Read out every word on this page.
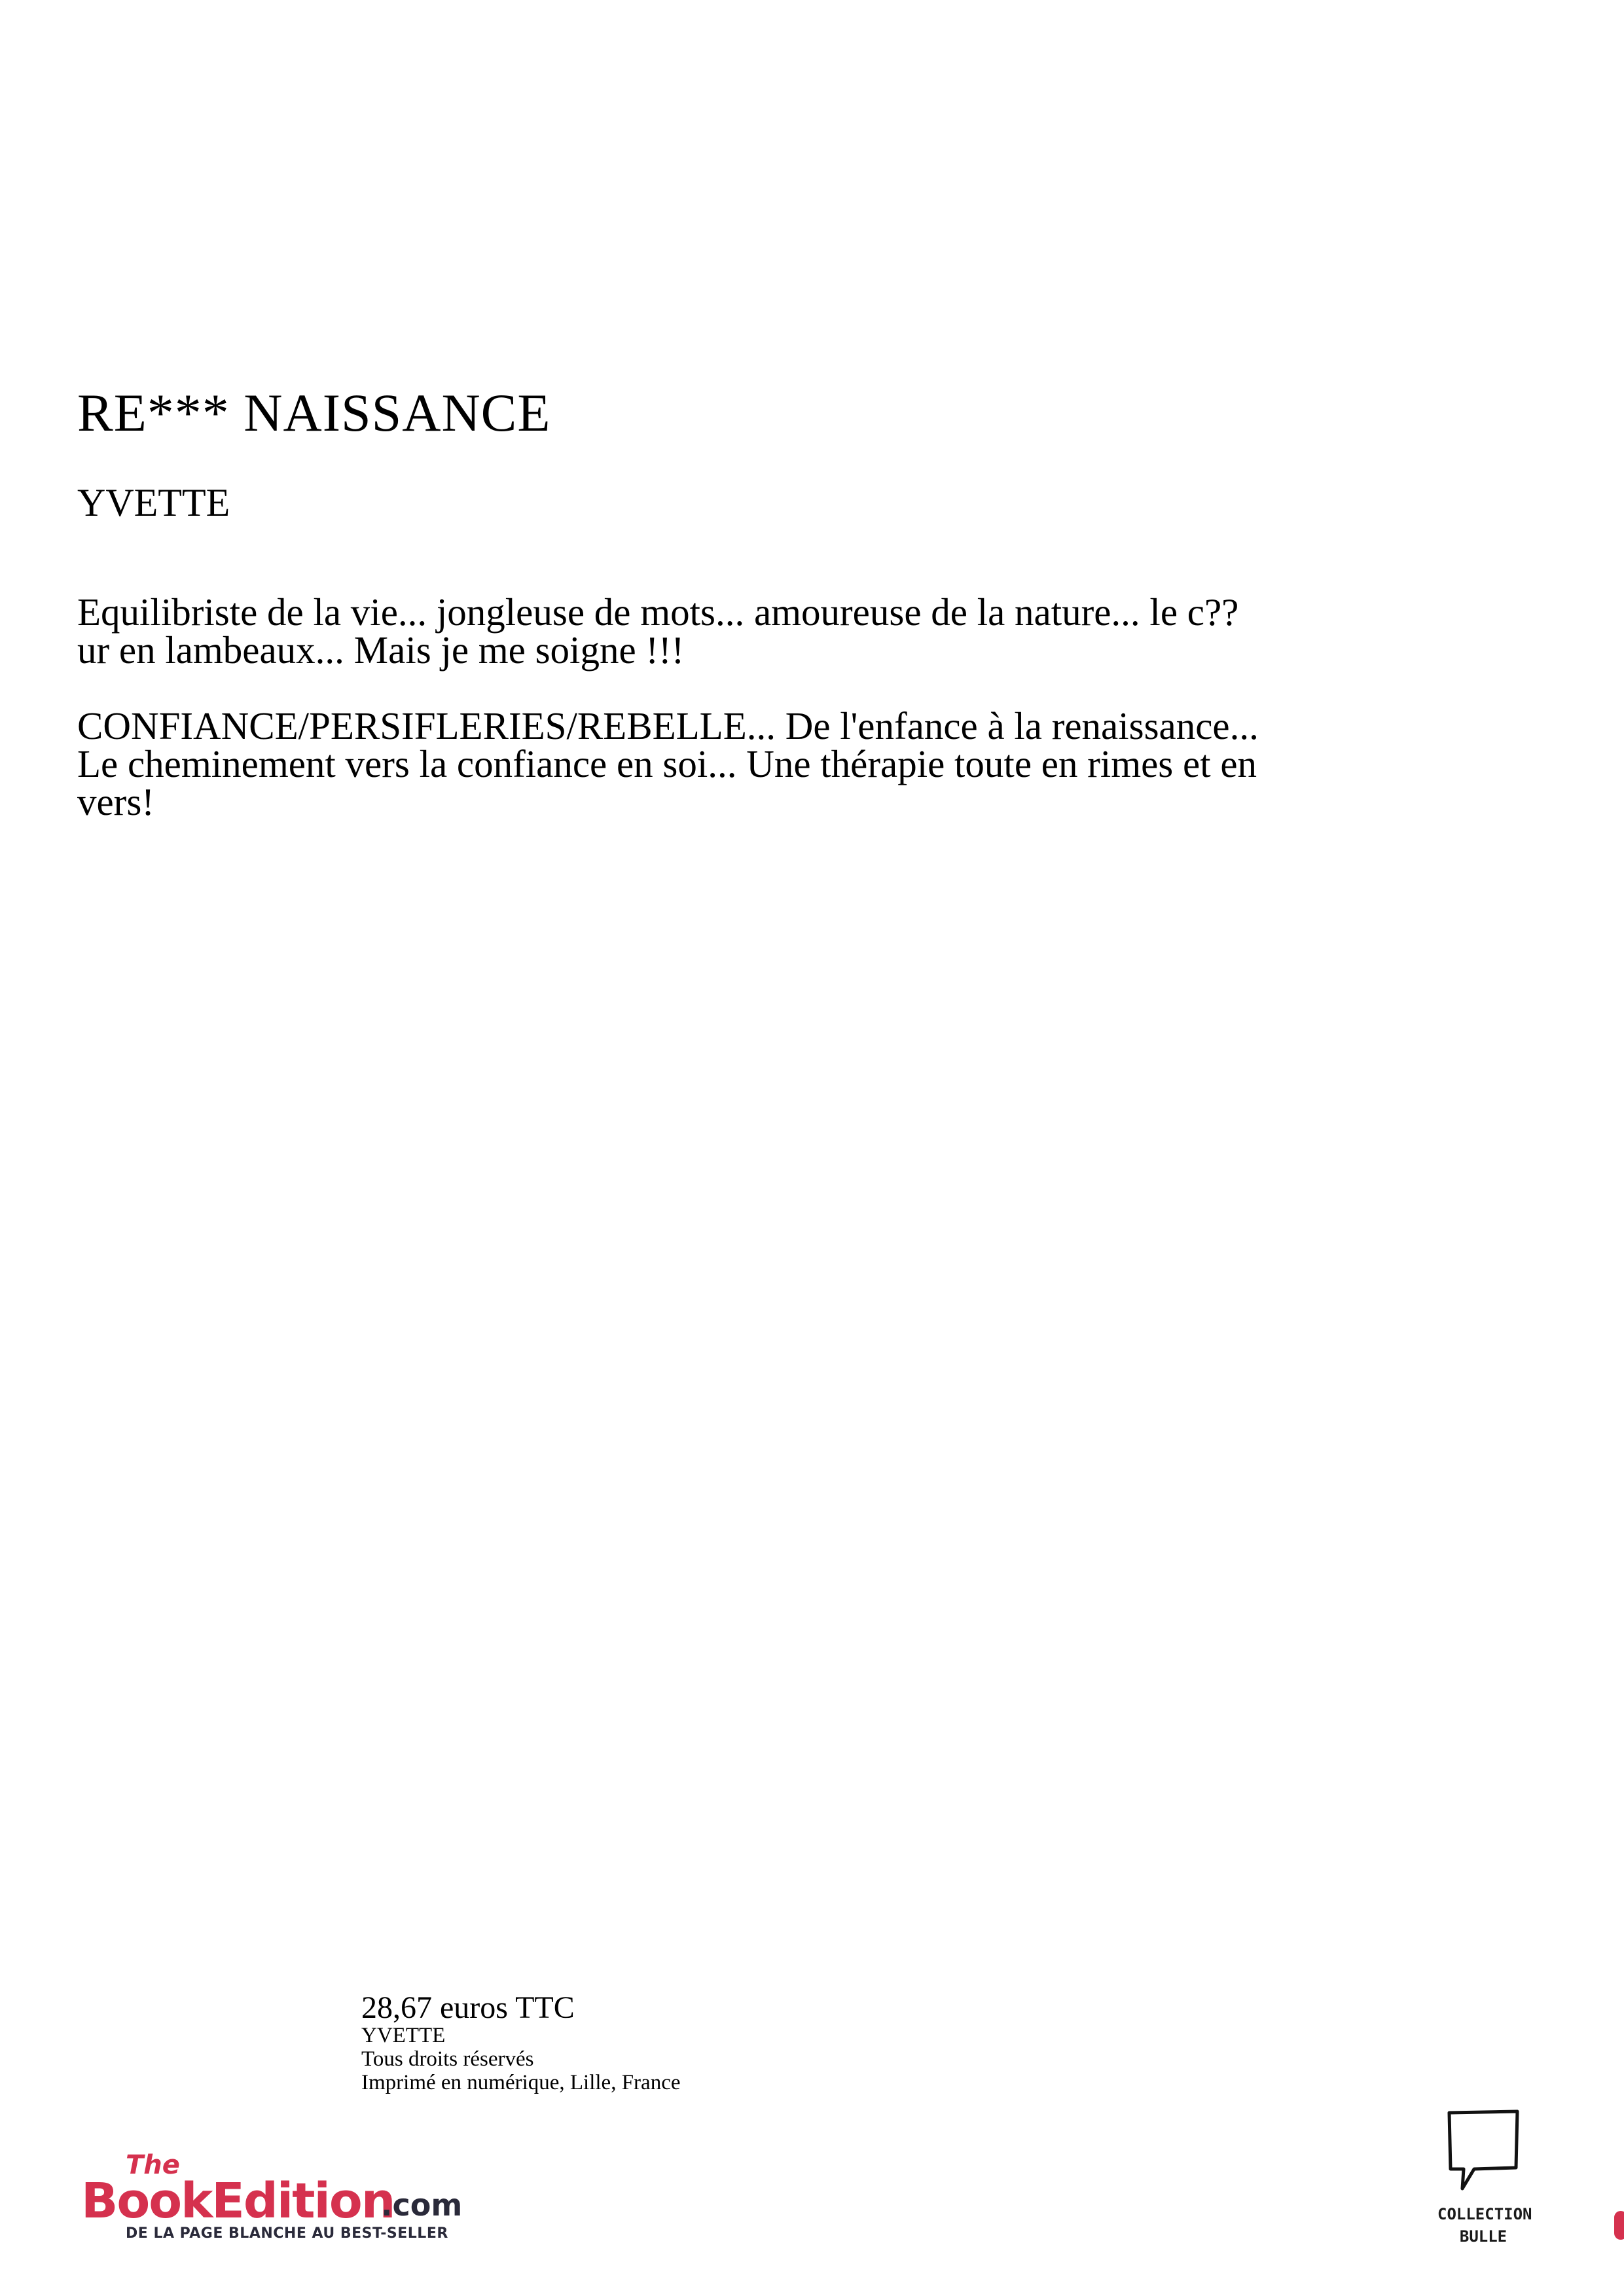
RE*** NAISSANCE
YVETTE

Equilibriste de la vie... jongleuse de mots... amoureuse de la nature... le c??ur en lambeaux... Mais je me soigne !!!

CONFIANCE/PERSIFLERIES/REBELLE... De l'enfance à la renaissance... Le cheminement vers la confiance en soi... Une thérapie toute en rimes et en vers!

28,67 euros TTC
YVETTE
Tous droits réservés
Imprimé en numérique, Lille, France
The
BookEdition
.com
DE LA PAGE BLANCHE AU BEST-SELLER
COLLECTION
BULLE
